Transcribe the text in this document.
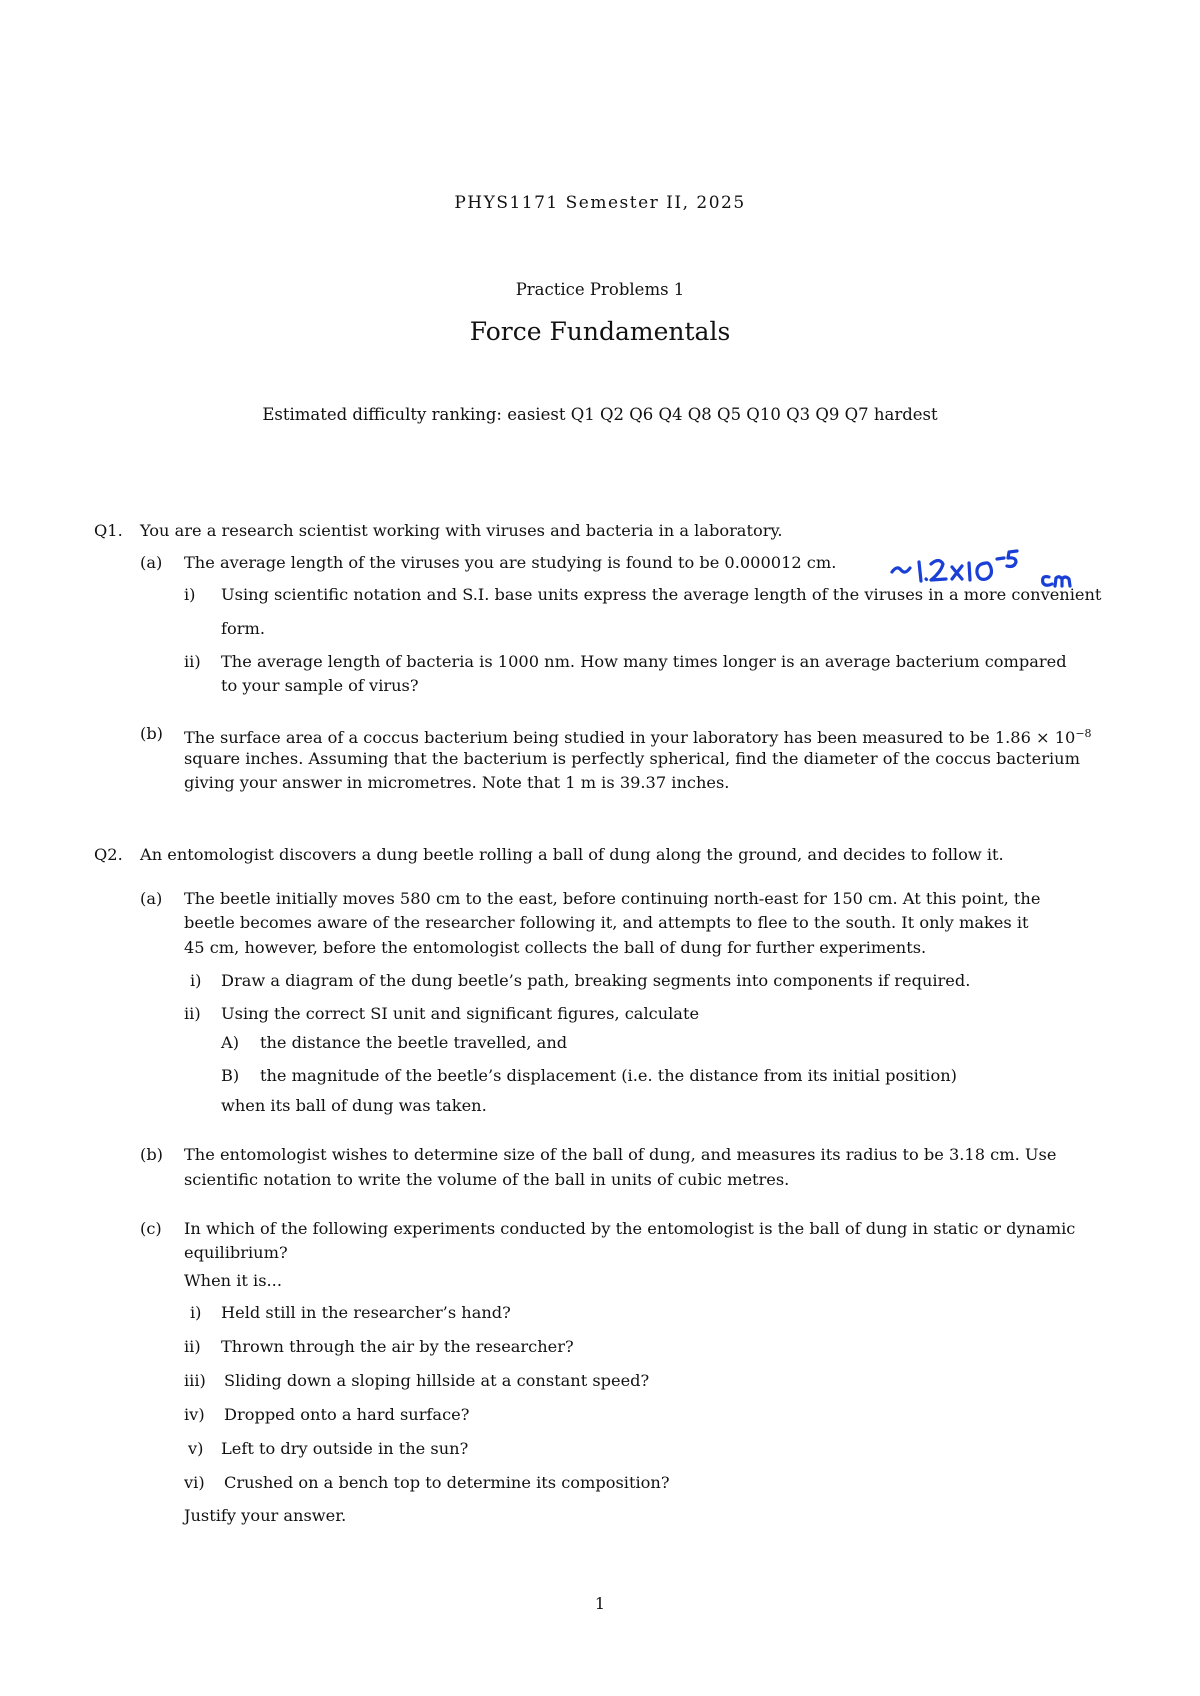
PHYS1171 Semester II, 2025
Practice Problems 1
Force Fundamentals
Estimated difficulty ranking: easiest Q1 Q2 Q6 Q4 Q8 Q5 Q10 Q3 Q9 Q7 hardest
Q1. You are a research scientist working with viruses and bacteria in a laboratory.
(a) The average length of the viruses you are studying is found to be 0.000012 cm.
i) Using scientific notation and S.I. base units express the average length of the viruses in a more convenient
form.
ii) The average length of bacteria is 1000 nm. How many times longer is an average bacterium compared
to your sample of virus?
(b) The surface area of a coccus bacterium being studied in your laboratory has been measured to be $1.86 \times 10^{-8}$
square inches. Assuming that the bacterium is perfectly spherical, find the diameter of the coccus bacterium
giving your answer in micrometres. Note that 1 m is 39.37 inches.
Q2. An entomologist discovers a dung beetle rolling a ball of dung along the ground, and decides to follow it.
(a) The beetle initially moves 580 cm to the east, before continuing north-east for 150 cm. At this point, the
beetle becomes aware of the researcher following it, and attempts to flee to the south. It only makes it
45 cm, however, before the entomologist collects the ball of dung for further experiments.
i) Draw a diagram of the dung beetle’s path, breaking segments into components if required.
ii) Using the correct SI unit and significant figures, calculate
A) the distance the beetle travelled, and
B) the magnitude of the beetle’s displacement (i.e. the distance from its initial position)
when its ball of dung was taken.
(b) The entomologist wishes to determine size of the ball of dung, and measures its radius to be 3.18 cm. Use
scientific notation to write the volume of the ball in units of cubic metres.
(c) In which of the following experiments conducted by the entomologist is the ball of dung in static or dynamic
equilibrium?
When it is...
i) Held still in the researcher’s hand?
ii) Thrown through the air by the researcher?
iii) Sliding down a sloping hillside at a constant speed?
iv) Dropped onto a hard surface?
v) Left to dry outside in the sun?
vi) Crushed on a bench top to determine its composition?
Justify your answer.
1
